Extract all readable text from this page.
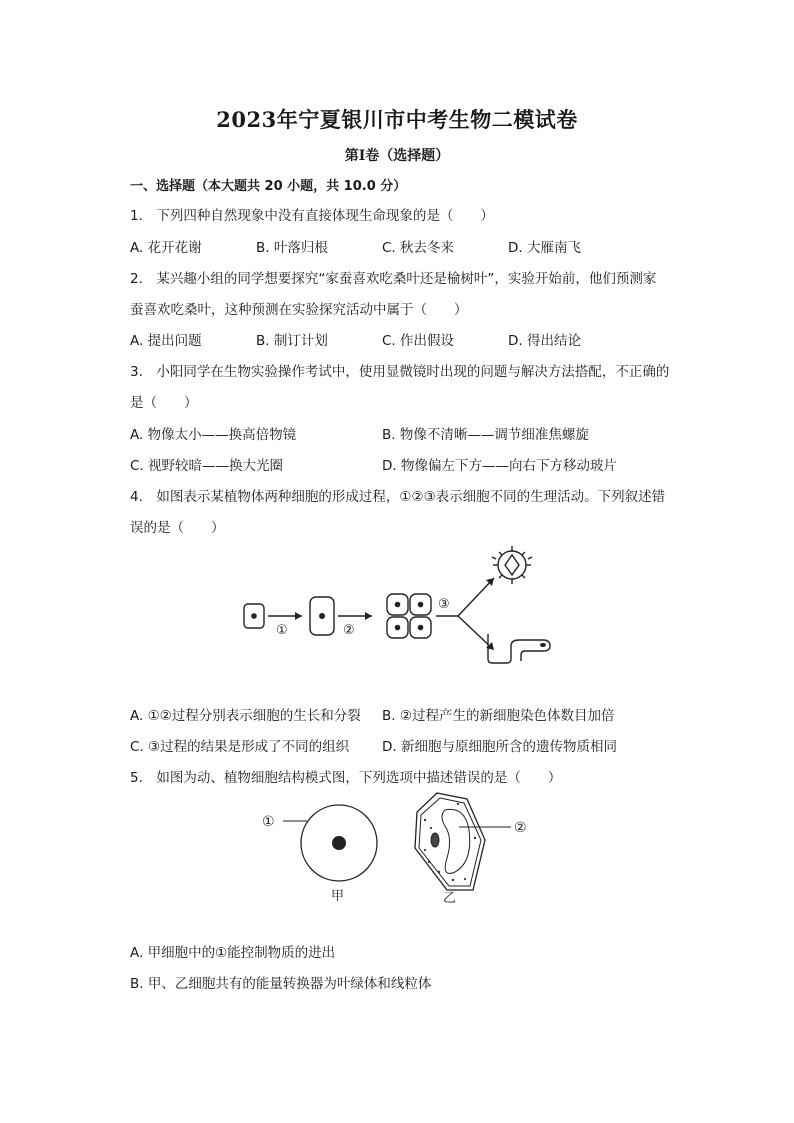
2023年宁夏银川市中考生物二模试卷
第I卷（选择题）
一、选择题（本大题共 20 小题，共 10.0 分）
1.　下列四种自然现象中没有直接体现生命现象的是（　　）
A. 花开花谢	B. 叶落归根	C. 秋去冬来	D. 大雁南飞
2.　某兴趣小组的同学想要探究“家蚕喜欢吃桑叶还是榆树叶”，实验开始前，他们预测家
蚕喜欢吃桑叶，这种预测在实验探究活动中属于（　　）
A. 提出问题	B. 制订计划	C. 作出假设	D. 得出结论
3.　小阳同学在生物实验操作考试中，使用显微镜时出现的问题与解决方法搭配，不正确的
是（　　）
A. 物像太小——换高倍物镜	B. 物像不清晰——调节细准焦螺旋
C. 视野较暗——换大光圈	D. 物像偏左下方——向右下方移动玻片
4.　如图表示某植物体两种细胞的形成过程，①②③表示细胞不同的生理活动。下列叙述错
误的是（　　）
①	②
③
A. ①②过程分别表示细胞的生长和分裂 B. ②过程产生的新细胞染色体数目加倍
C. ③过程的结果是形成了不同的组织 D. 新细胞与原细胞所含的遗传物质相同
5.　如图为动、植物细胞结构模式图，下列选项中描述错误的是（　　）
①
甲
②
乙
A. 甲细胞中的①能控制物质的进出
B. 甲、乙细胞共有的能量转换器为叶绿体和线粒体
